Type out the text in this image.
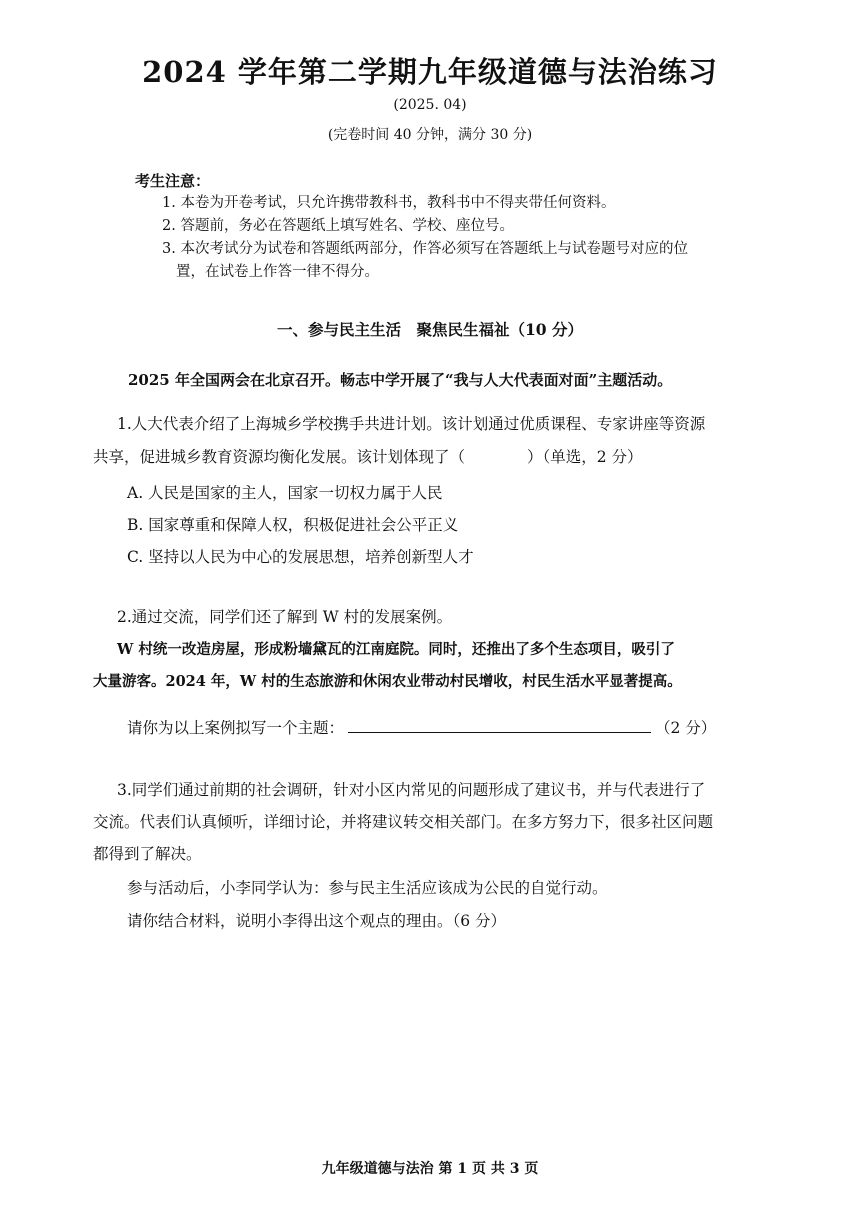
2024 学年第二学期九年级道德与法治练习
(2025. 04)
(完卷时间 40 分钟，满分 30 分)
考生注意：
1. 本卷为开卷考试，只允许携带教科书，教科书中不得夹带任何资料。
2. 答题前，务必在答题纸上填写姓名、学校、座位号。
3. 本次考试分为试卷和答题纸两部分，作答必须写在答题纸上与试卷题号对应的位
置，在试卷上作答一律不得分。
一、参与民主生活　聚焦民生福祉（10 分）
2025 年全国两会在北京召开。畅志中学开展了“我与人大代表面对面”主题活动。
1.人大代表介绍了上海城乡学校携手共进计划。该计划通过优质课程、专家讲座等资源
共享，促进城乡教育资源均衡化发展。该计划体现了（　　　　）（单选，2 分）
A. 人民是国家的主人，国家一切权力属于人民
B. 国家尊重和保障人权，积极促进社会公平正义
C. 坚持以人民为中心的发展思想，培养创新型人才
2.通过交流，同学们还了解到 W 村的发展案例。
W 村统一改造房屋，形成粉墙黛瓦的江南庭院。同时，还推出了多个生态项目，吸引了
大量游客。2024 年，W 村的生态旅游和休闲农业带动村民增收，村民生活水平显著提高。
请你为以上案例拟写一个主题：	（2 分）
3.同学们通过前期的社会调研，针对小区内常见的问题形成了建议书，并与代表进行了
交流。代表们认真倾听，详细讨论，并将建议转交相关部门。在多方努力下，很多社区问题
都得到了解决。
参与活动后，小李同学认为：参与民主生活应该成为公民的自觉行动。
请你结合材料，说明小李得出这个观点的理由。（6 分）
九年级道德与法治 第 1 页 共 3 页
